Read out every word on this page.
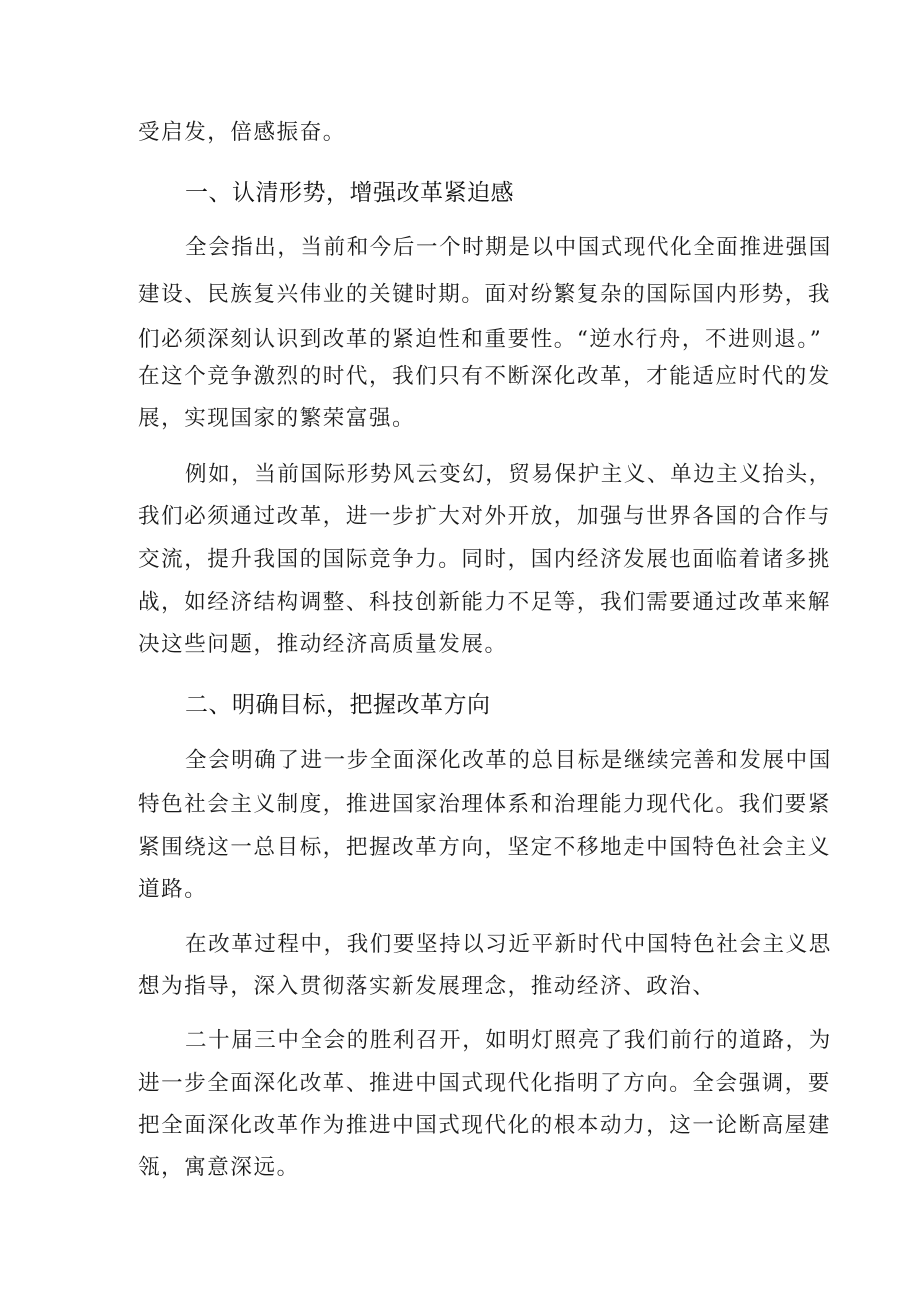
受启发，倍感振奋。
一、认清形势，增强改革紧迫感
全会指出，当前和今后一个时期是以中国式现代化全面推进强国
建设、民族复兴伟业的关键时期。面对纷繁复杂的国际国内形势，我
们必须深刻认识到改革的紧迫性和重要性。“逆水行舟，不进则退。”
在这个竞争激烈的时代，我们只有不断深化改革，才能适应时代的发
展，实现国家的繁荣富强。
例如，当前国际形势风云变幻，贸易保护主义、单边主义抬头，
我们必须通过改革，进一步扩大对外开放，加强与世界各国的合作与
交流，提升我国的国际竞争力。同时，国内经济发展也面临着诸多挑
战，如经济结构调整、科技创新能力不足等，我们需要通过改革来解
决这些问题，推动经济高质量发展。
二、明确目标，把握改革方向
全会明确了进一步全面深化改革的总目标是继续完善和发展中国
特色社会主义制度，推进国家治理体系和治理能力现代化。我们要紧
紧围绕这一总目标，把握改革方向，坚定不移地走中国特色社会主义
道路。
在改革过程中，我们要坚持以习近平新时代中国特色社会主义思
想为指导，深入贯彻落实新发展理念，推动经济、政治、
二十届三中全会的胜利召开，如明灯照亮了我们前行的道路，为
进一步全面深化改革、推进中国式现代化指明了方向。全会强调，要
把全面深化改革作为推进中国式现代化的根本动力，这一论断高屋建
瓴，寓意深远。
